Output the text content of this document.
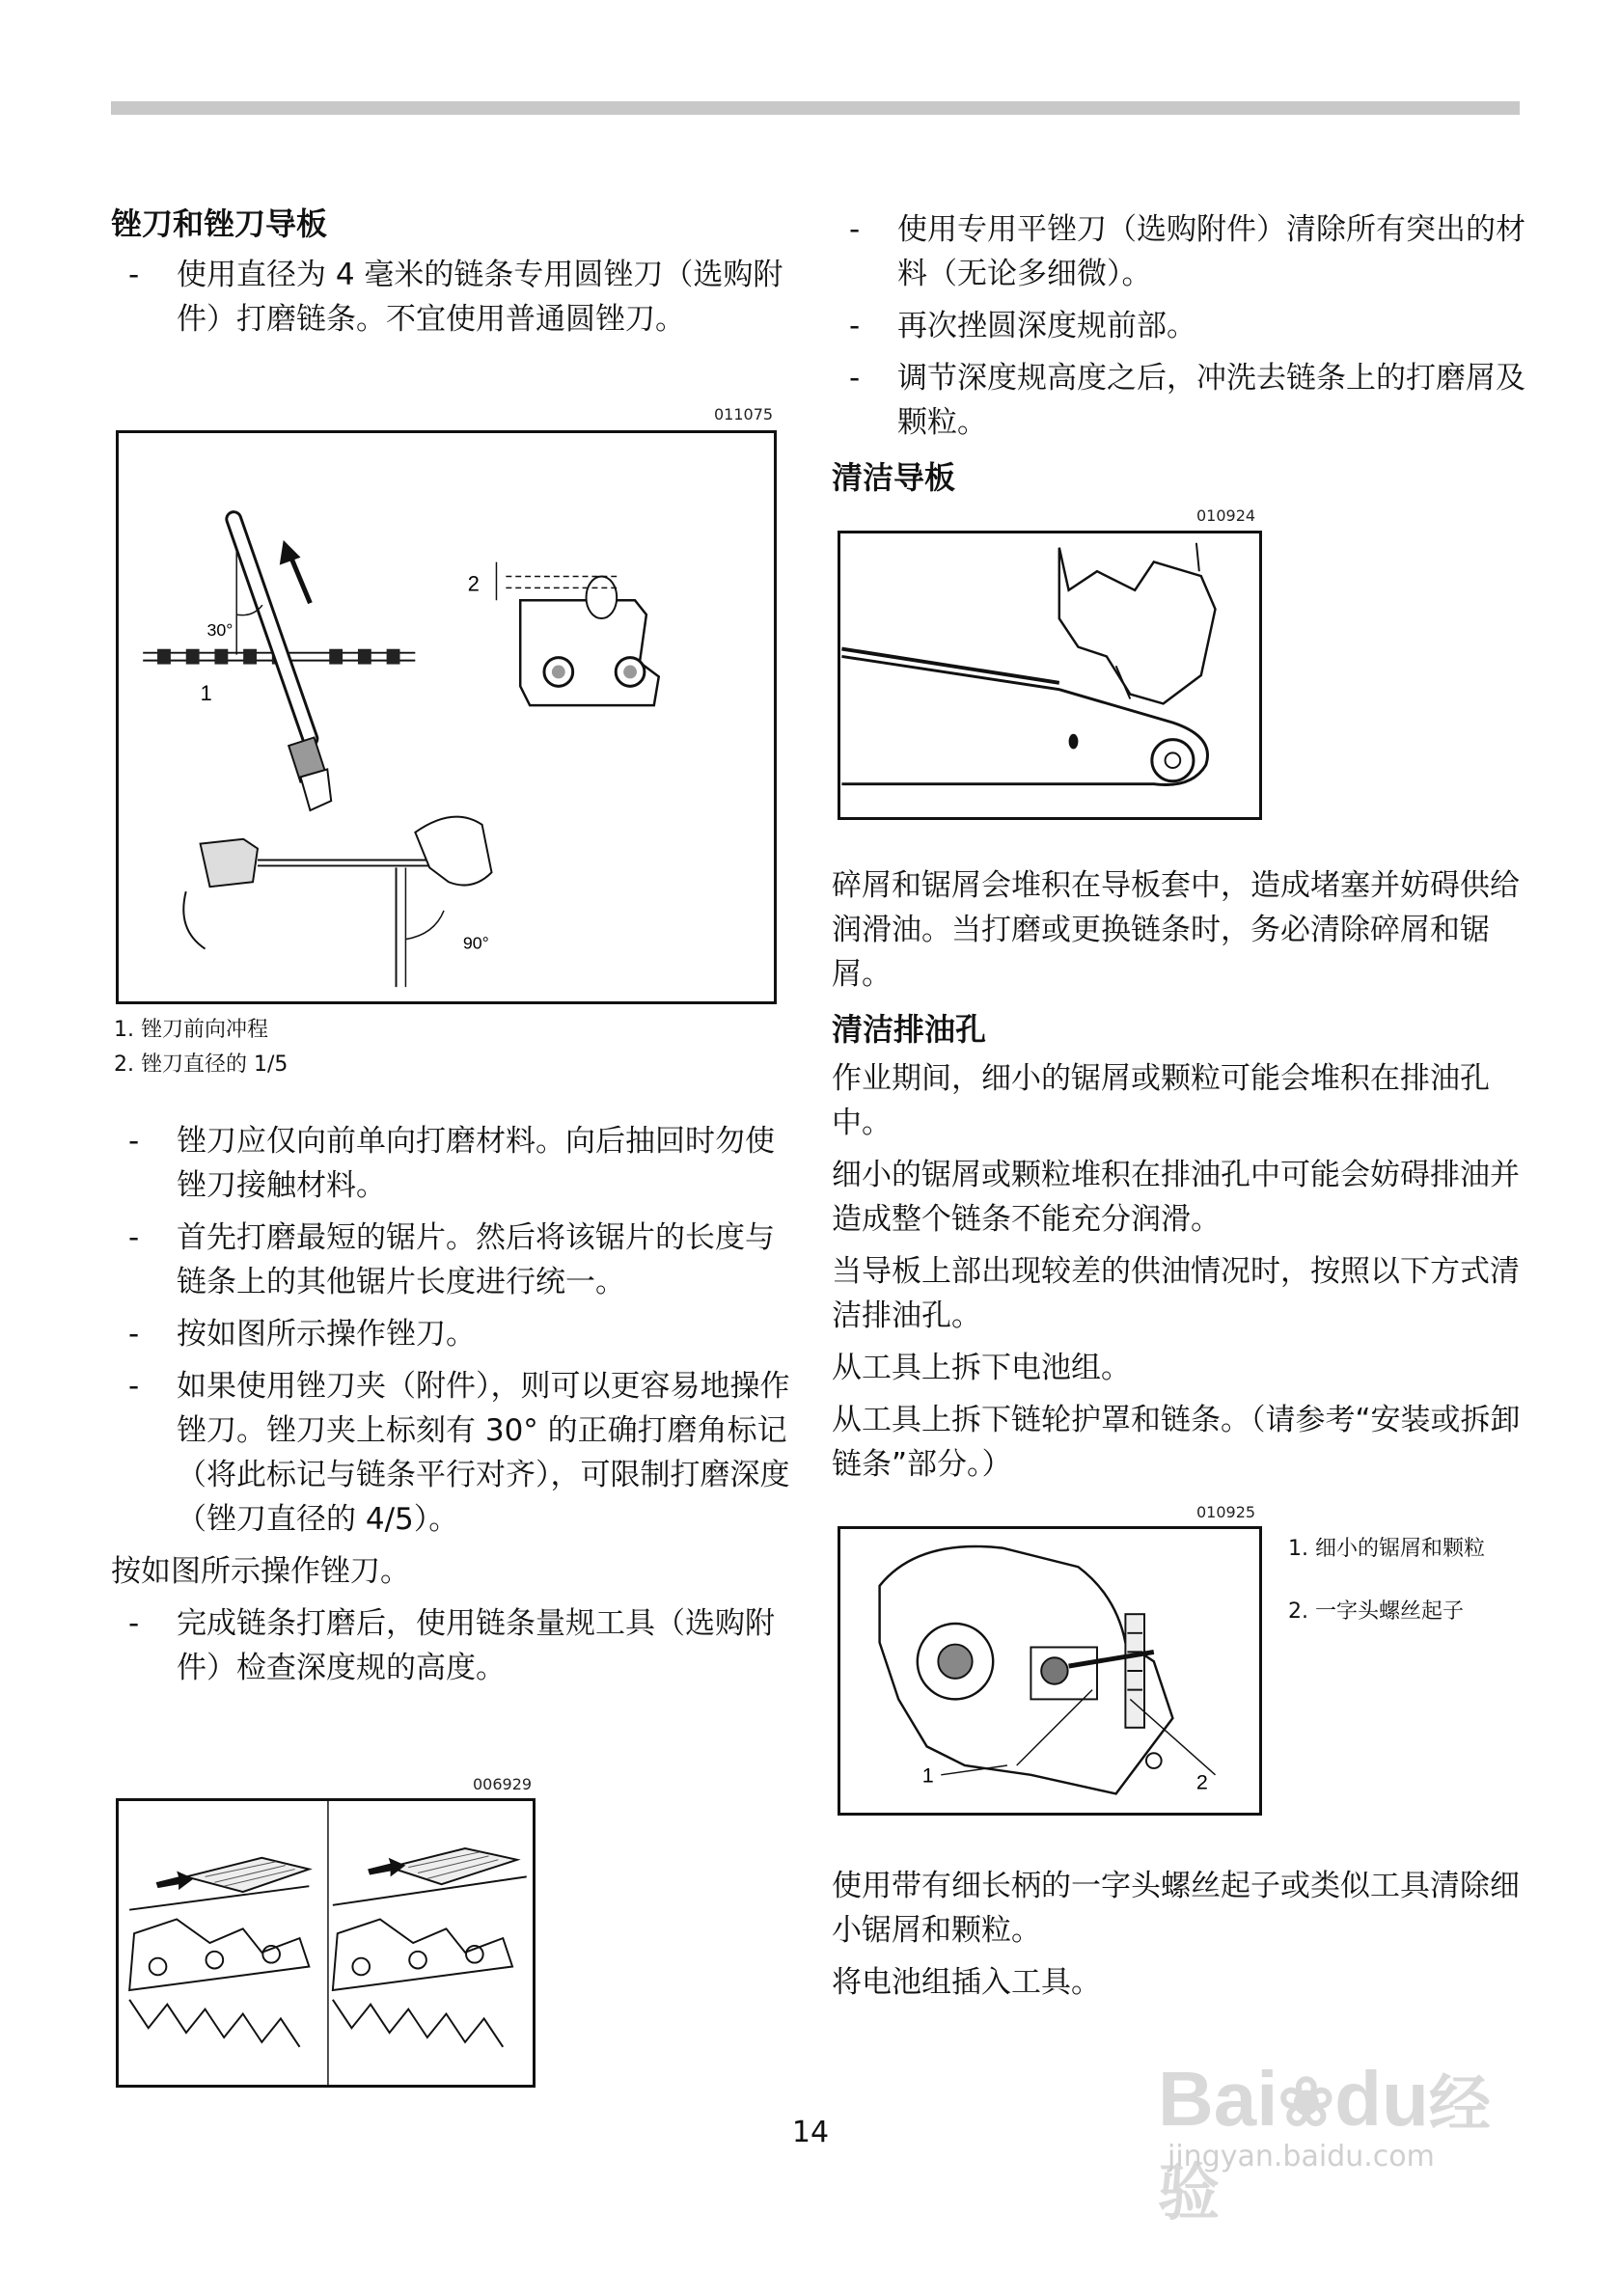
锉刀和锉刀导板

- 使用直径为 4 毫米的链条专用圆锉刀（选购附件）打磨链条。不宜使用普通圆锉刀。

011075
30°
1
2
90°
1. 锉刀前向冲程
2. 锉刀直径的 1/5

- 锉刀应仅向前单向打磨材料。向后抽回时勿使锉刀接触材料。

- 首先打磨最短的锯片。然后将该锯片的长度与链条上的其他锯片长度进行统一。

- 按如图所示操作锉刀。

- 如果使用锉刀夹（附件），则可以更容易地操作锉刀。锉刀夹上标刻有 30° 的正确打磨角标记（将此标记与链条平行对齐），可限制打磨深度（锉刀直径的 4/5）。

按如图所示操作锉刀。

- 完成链条打磨后，使用链条量规工具（选购附件）检查深度规的高度。

006929

- 使用专用平锉刀（选购附件）清除所有突出的材料（无论多细微）。

- 再次挫圆深度规前部。

- 调节深度规高度之后，冲洗去链条上的打磨屑及颗粒。

清洁导板
010924

碎屑和锯屑会堆积在导板套中，造成堵塞并妨碍供给润滑油。当打磨或更换链条时，务必清除碎屑和锯屑。

清洁排油孔

作业期间，细小的锯屑或颗粒可能会堆积在排油孔中。

细小的锯屑或颗粒堆积在排油孔中可能会妨碍排油并造成整个链条不能充分润滑。

当导板上部出现较差的供油情况时，按照以下方式清洁排油孔。

从工具上拆下电池组。

从工具上拆下链轮护罩和链条。（请参考“安装或拆卸链条”部分。）

010925
1	2
1. 细小的锯屑和颗粒
2. 一字头螺丝起子

使用带有细长柄的一字头螺丝起子或类似工具清除细小锯屑和颗粒。

将电池组插入工具。

14	Bai❀du经验
jingyan.baidu.com
